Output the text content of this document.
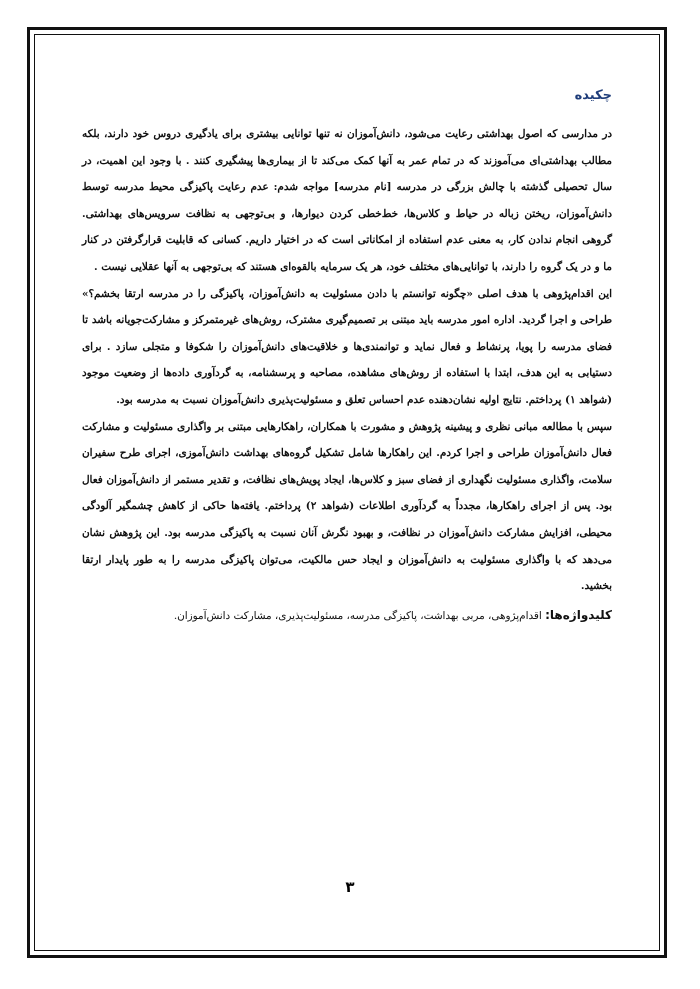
چکیده

در مدارسی که اصول بهداشتی رعایت می‌شود، دانش‌آموزان نه تنها توانایی بیشتری برای یادگیری دروس خود دارند، بلکه مطالب بهداشتی‌ای می‌آموزند که در تمام عمر به آنها کمک می‌کند تا از بیماری‌ها پیشگیری کنند . با وجود این اهمیت، در سال تحصیلی گذشته با چالش بزرگی در مدرسه [نام مدرسه] مواجه شدم: عدم رعایت پاکیزگی محیط مدرسه توسط دانش‌آموزان، ریختن زباله در حیاط و کلاس‌ها، خط‌خطی کردن دیوارها، و بی‌توجهی به نظافت سرویس‌های بهداشتی. گروهی انجام ندادن کار، به معنی عدم استفاده از امکاناتی است که در اختیار داریم. کسانی که قابلیت قرارگرفتن در کنار ما و در یک گروه را دارند، با توانایی‌های مختلف خود، هر یک سرمایه بالقوه‌ای هستند که بی‌توجهی به آنها عقلایی نیست .

این اقدام‌پژوهی با هدف اصلی «چگونه توانستم با دادن مسئولیت به دانش‌آموزان، پاکیزگی را در مدرسه ارتقا بخشم؟» طراحی و اجرا گردید. اداره امور مدرسه باید مبتنی بر تصمیم‌گیری مشترک، روش‌های غیرمتمرکز و مشارکت‌جویانه باشد تا فضای مدرسه را پویا، پرنشاط و فعال نماید و توانمندی‌ها و خلاقیت‌های دانش‌آموزان را شکوفا و متجلی سازد . برای دستیابی به این هدف، ابتدا با استفاده از روش‌های مشاهده، مصاحبه و پرسشنامه، به گردآوری داده‌ها از وضعیت موجود (شواهد ۱) پرداختم. نتایج اولیه نشان‌دهنده عدم احساس تعلق و مسئولیت‌پذیری دانش‌آموزان نسبت به مدرسه بود.

سپس با مطالعه مبانی نظری و پیشینه پژوهش و مشورت با همکاران، راهکارهایی مبتنی بر واگذاری مسئولیت و مشارکت فعال دانش‌آموزان طراحی و اجرا کردم. این راهکارها شامل تشکیل گروه‌های بهداشت دانش‌آموزی، اجرای طرح سفیران سلامت، واگذاری مسئولیت نگهداری از فضای سبز و کلاس‌ها، ایجاد پویش‌های نظافت، و تقدیر مستمر از دانش‌آموزان فعال بود. پس از اجرای راهکارها، مجدداً به گردآوری اطلاعات (شواهد ۲) پرداختم. یافته‌ها حاکی از کاهش چشمگیر آلودگی محیطی، افزایش مشارکت دانش‌آموزان در نظافت، و بهبود نگرش آنان نسبت به پاکیزگی مدرسه بود. این پژوهش نشان می‌دهد که با واگذاری مسئولیت به دانش‌آموزان و ایجاد حس مالکیت، می‌توان پاکیزگی مدرسه را به طور پایدار ارتقا بخشید.

کلیدواژه‌ها: اقدام‌پژوهی، مربی بهداشت، پاکیزگی مدرسه، مسئولیت‌پذیری، مشارکت دانش‌آموزان.

۳
